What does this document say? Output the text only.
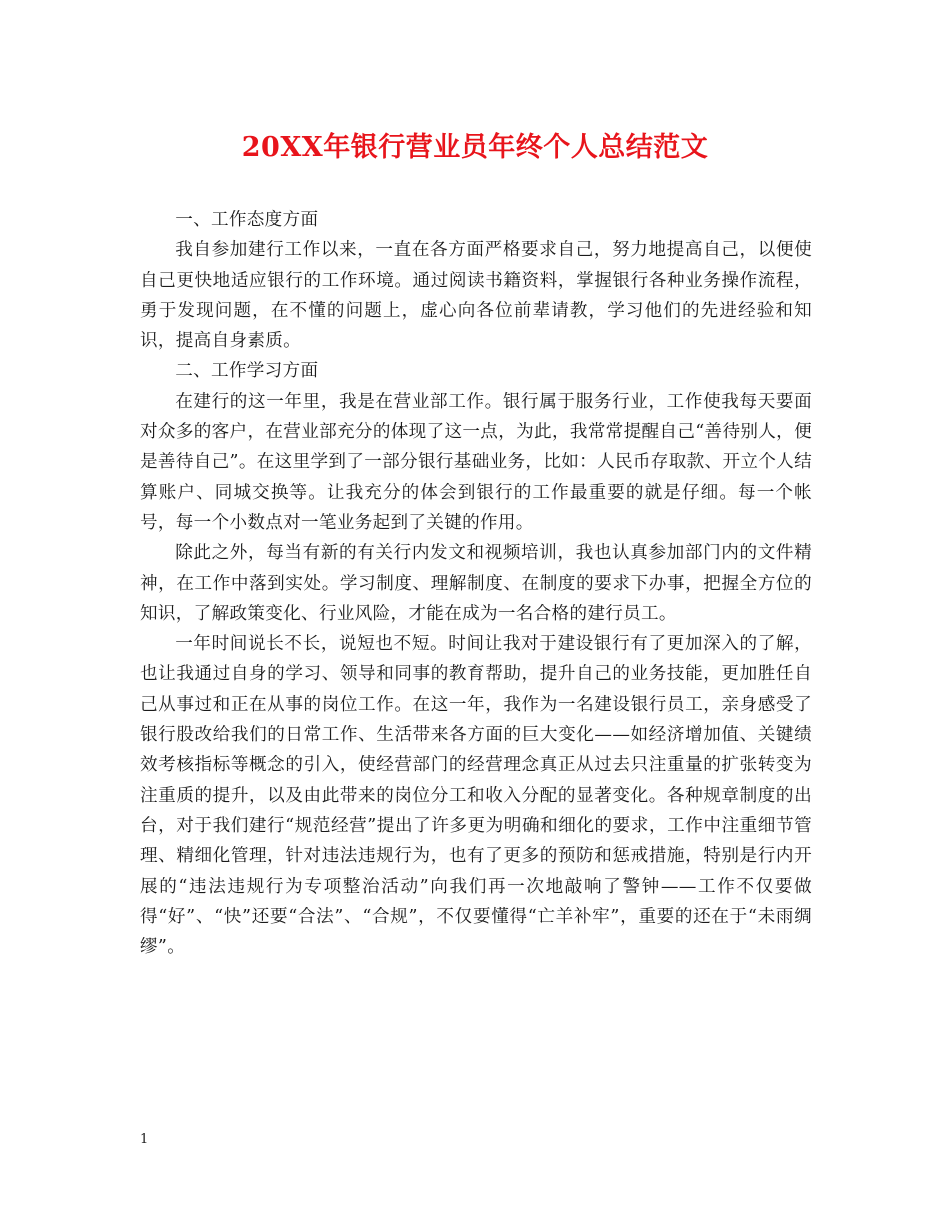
20XX年银行营业员年终个人总结范文

一、工作态度方面

我自参加建行工作以来，一直在各方面严格要求自己，努力地提高自己，以便使自己更快地适应银行的工作环境。通过阅读书籍资料，掌握银行各种业务操作流程，勇于发现问题，在不懂的问题上，虚心向各位前辈请教，学习他们的先进经验和知识，提高自身素质。

二、工作学习方面

在建行的这一年里，我是在营业部工作。银行属于服务行业，工作使我每天要面对众多的客户，在营业部充分的体现了这一点，为此，我常常提醒自己“善待别人，便是善待自己”。在这里学到了一部分银行基础业务，比如：人民币存取款、开立个人结算账户、同城交换等。让我充分的体会到银行的工作最重要的就是仔细。每一个帐号，每一个小数点对一笔业务起到了关键的作用。

除此之外，每当有新的有关行内发文和视频培训，我也认真参加部门内的文件精神，在工作中落到实处。学习制度、理解制度、在制度的要求下办事，把握全方位的知识，了解政策变化、行业风险，才能在成为一名合格的建行员工。

一年时间说长不长，说短也不短。时间让我对于建设银行有了更加深入的了解，也让我通过自身的学习、领导和同事的教育帮助，提升自己的业务技能，更加胜任自己从事过和正在从事的岗位工作。在这一年，我作为一名建设银行员工，亲身感受了银行股改给我们的日常工作、生活带来各方面的巨大变化——如经济增加值、关键绩效考核指标等概念的引入，使经营部门的经营理念真正从过去只注重量的扩张转变为注重质的提升，以及由此带来的岗位分工和收入分配的显著变化。各种规章制度的出台，对于我们建行“规范经营”提出了许多更为明确和细化的要求，工作中注重细节管理、精细化管理，针对违法违规行为，也有了更多的预防和惩戒措施，特别是行内开展的“违法违规行为专项整治活动”向我们再一次地敲响了警钟——工作不仅要做得“好”、“快”还要“合法”、“合规”，不仅要懂得“亡羊补牢”，重要的还在于“未雨绸缪”。

1
